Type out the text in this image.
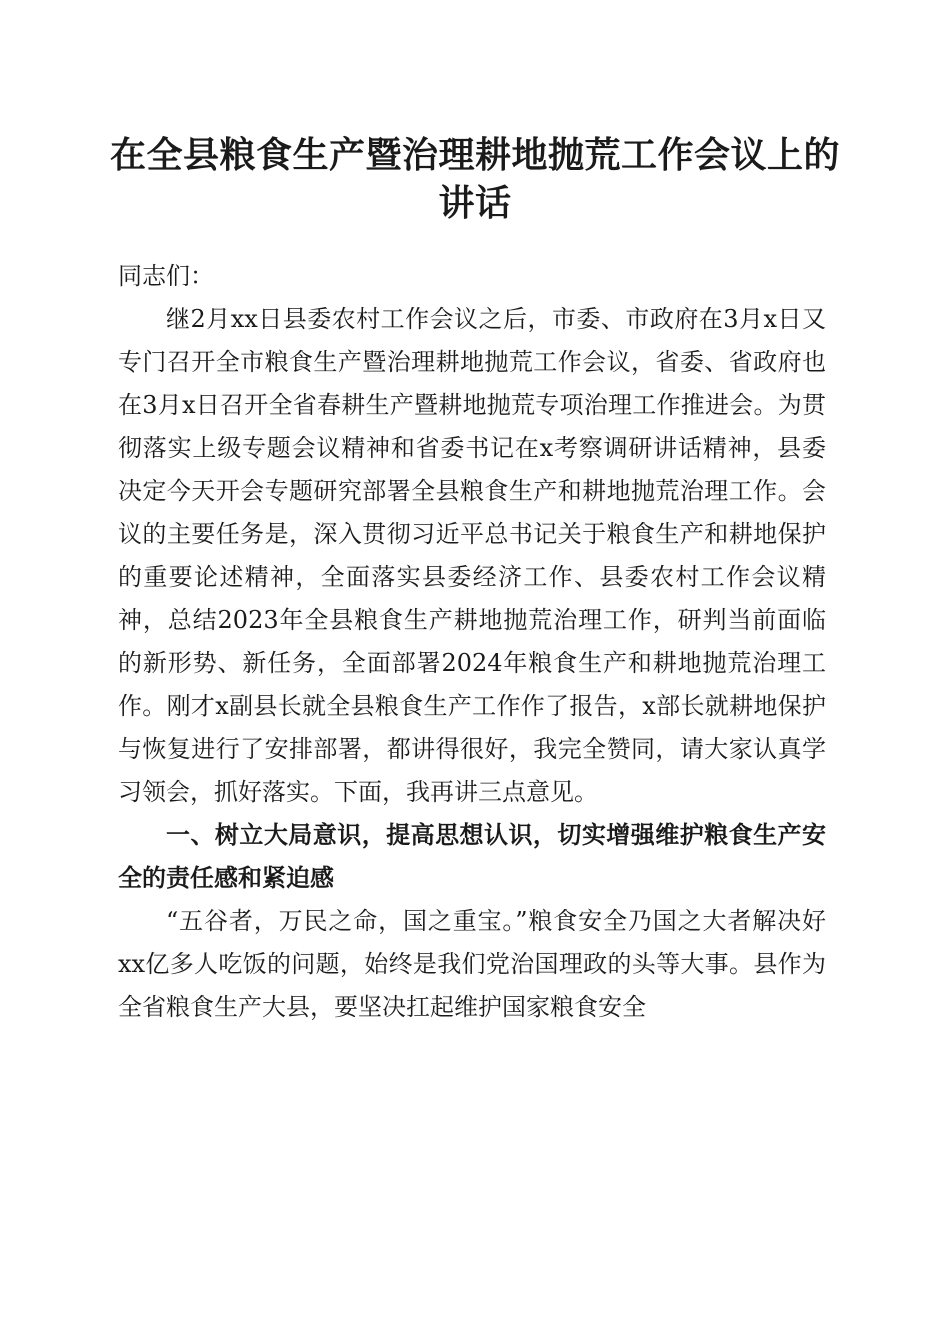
在全县粮食生产暨治理耕地抛荒工作会议上的
讲话

同志们：

继2月xx日县委农村工作会议之后，市委、市政府在3月x日又专门召开全市粮食生产暨治理耕地抛荒工作会议，省委、省政府也在3月x日召开全省春耕生产暨耕地抛荒专项治理工作推进会。为贯彻落实上级专题会议精神和省委书记在x考察调研讲话精神，县委决定今天开会专题研究部署全县粮食生产和耕地抛荒治理工作。会议的主要任务是，深入贯彻习近平总书记关于粮食生产和耕地保护的重要论述精神，全面落实县委经济工作、县委农村工作会议精神，总结2023年全县粮食生产耕地抛荒治理工作，研判当前面临的新形势、新任务，全面部署2024年粮食生产和耕地抛荒治理工作。刚才x副县长就全县粮食生产工作作了报告，x部长就耕地保护与恢复进行了安排部署，都讲得很好，我完全赞同，请大家认真学习领会，抓好落实。下面，我再讲三点意见。

一、树立大局意识，提高思想认识，切实增强维护粮食生产安全的责任感和紧迫感

“五谷者，万民之命，国之重宝。”粮食安全乃国之大者解决好xx亿多人吃饭的问题，始终是我们党治国理政的头等大事。县作为全省粮食生产大县，要坚决扛起维护国家粮食安全
